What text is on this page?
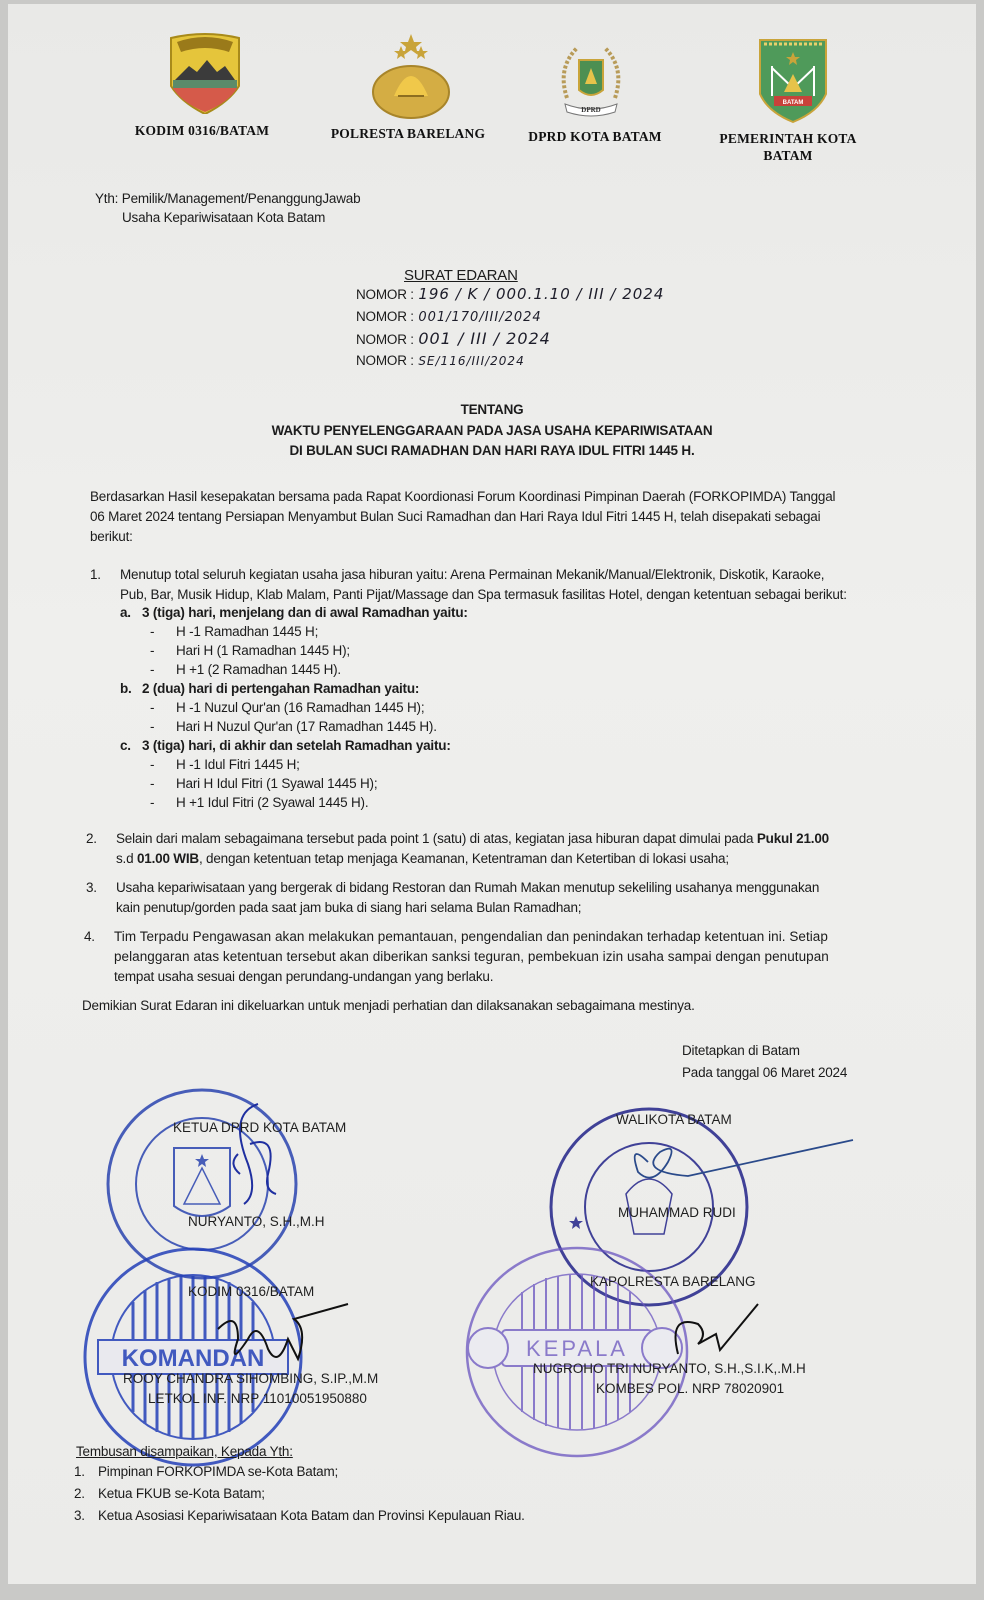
DPRD
BATAM
KODIM 0316/BATAM	POLRESTA BARELANG	DPRD KOTA BATAM	PEMERINTAH KOTA
BATAM
Yth: Pemilik/Management/PenanggungJawab
Usaha Kepariwisataan Kota Batam
SURAT EDARAN
NOMOR : 196 / K / 000.1.10 / III / 2024
NOMOR : 001/170/III/2024
NOMOR : 001 / III / 2024
NOMOR : SE/116/III/2024
TENTANG
WAKTU PENYELENGGARAAN PADA JASA USAHA KEPARIWISATAAN
DI BULAN SUCI RAMADHAN DAN HARI RAYA IDUL FITRI 1445 H.
Berdasarkan Hasil kesepakatan bersama pada Rapat Koordionasi Forum Koordinasi Pimpinan Daerah (FORKOPIMDA) Tanggal
06 Maret 2024 tentang Persiapan Menyambut Bulan Suci Ramadhan dan Hari Raya Idul Fitri 1445 H, telah disepakati sebagai
berikut:
1. Menutup total seluruh kegiatan usaha jasa hiburan yaitu: Arena Permainan Mekanik/Manual/Elektronik, Diskotik, Karaoke,
Pub, Bar, Musik Hidup, Klab Malam, Panti Pijat/Massage dan Spa termasuk fasilitas Hotel, dengan ketentuan sebagai berikut:
a. 3 (tiga) hari, menjelang dan di awal Ramadhan yaitu:
- H -1 Ramadhan 1445 H;
- Hari H (1 Ramadhan 1445 H);
- H +1 (2 Ramadhan 1445 H).
b. 2 (dua) hari di pertengahan Ramadhan yaitu:
- H -1 Nuzul Qur'an (16 Ramadhan 1445 H);
- Hari H Nuzul Qur'an (17 Ramadhan 1445 H).
c. 3 (tiga) hari, di akhir dan setelah Ramadhan yaitu:
- H -1 Idul Fitri 1445 H;
- Hari H Idul Fitri (1 Syawal 1445 H);
- H +1 Idul Fitri (2 Syawal 1445 H).
2. Selain dari malam sebagaimana tersebut pada point 1 (satu) di atas, kegiatan jasa hiburan dapat dimulai pada Pukul 21.00
s.d 01.00 WIB, dengan ketentuan tetap menjaga Keamanan, Ketentraman dan Ketertiban di lokasi usaha;
3. Usaha kepariwisataan yang bergerak di bidang Restoran dan Rumah Makan menutup sekeliling usahanya menggunakan
kain penutup/gorden pada saat jam buka di siang hari selama Bulan Ramadhan;
4. Tim Terpadu Pengawasan akan melakukan pemantauan, pengendalian dan penindakan terhadap ketentuan ini. Setiap
pelanggaran atas ketentuan tersebut akan diberikan sanksi teguran, pembekuan izin usaha sampai dengan penutupan
tempat usaha sesuai dengan perundang-undangan yang berlaku.
Demikian Surat Edaran ini dikeluarkan untuk menjadi perhatian dan dilaksanakan sebagaimana mestinya.
Ditetapkan di Batam
Pada tanggal 06 Maret 2024
KOMANDAN	KEPALA
KETUA DPRD KOTA BATAM
NURYANTO, S.H.,M.H
WALIKOTA BATAM
MUHAMMAD RUDI
KODIM 0316/BATAM
ROOY CHANDRA SIHOMBING, S.IP.,M.M
LETKOL INF. NRP 11010051950880
KAPOLRESTA BARELANG
NUGROHO TRI NURYANTO, S.H.,S.I.K,.M.H
KOMBES POL. NRP 78020901
Tembusan disampaikan, Kepada Yth:
1. Pimpinan FORKOPIMDA se-Kota Batam;
2. Ketua FKUB se-Kota Batam;
3. Ketua Asosiasi Kepariwisataan Kota Batam dan Provinsi Kepulauan Riau.
